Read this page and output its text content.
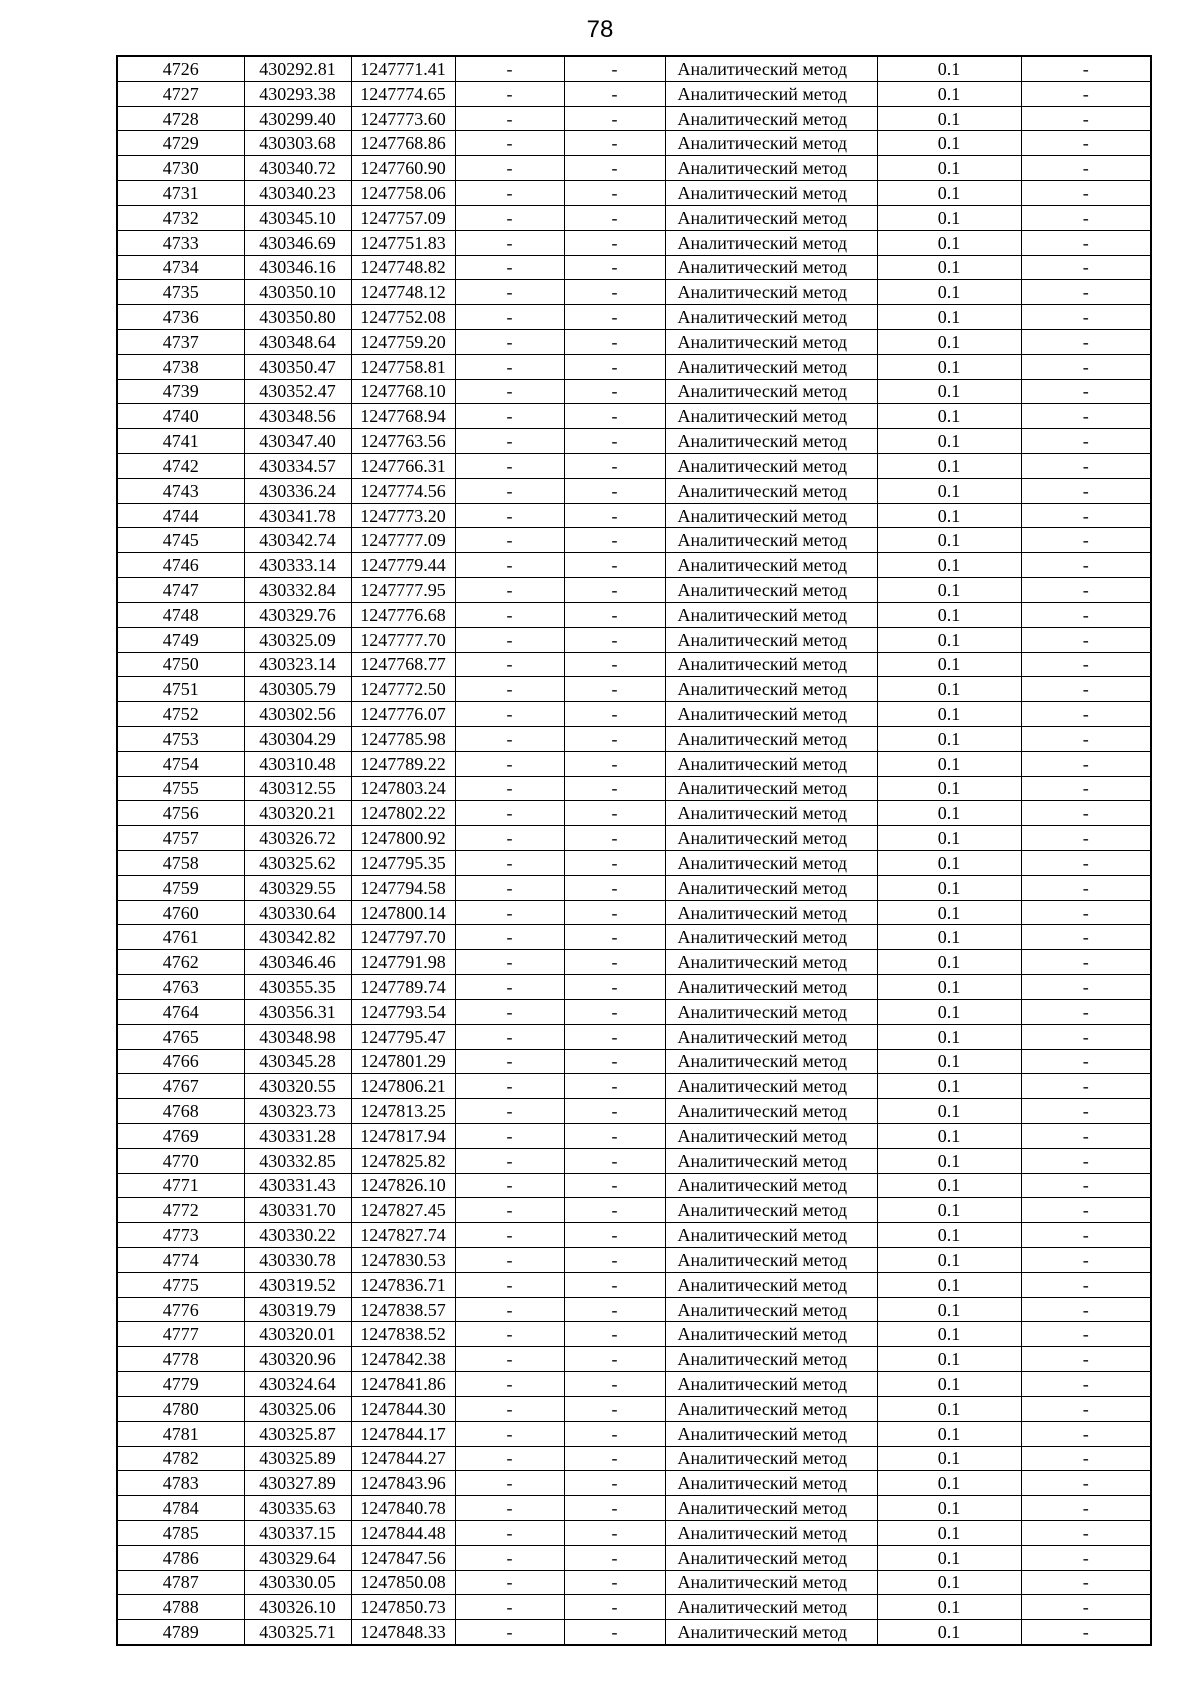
78
4726	430292.81	1247771.41	-	-	Аналитический метод	0.1	-
4727	430293.38	1247774.65	-	-	Аналитический метод	0.1	-
4728	430299.40	1247773.60	-	-	Аналитический метод	0.1	-
4729	430303.68	1247768.86	-	-	Аналитический метод	0.1	-
4730	430340.72	1247760.90	-	-	Аналитический метод	0.1	-
4731	430340.23	1247758.06	-	-	Аналитический метод	0.1	-
4732	430345.10	1247757.09	-	-	Аналитический метод	0.1	-
4733	430346.69	1247751.83	-	-	Аналитический метод	0.1	-
4734	430346.16	1247748.82	-	-	Аналитический метод	0.1	-
4735	430350.10	1247748.12	-	-	Аналитический метод	0.1	-
4736	430350.80	1247752.08	-	-	Аналитический метод	0.1	-
4737	430348.64	1247759.20	-	-	Аналитический метод	0.1	-
4738	430350.47	1247758.81	-	-	Аналитический метод	0.1	-
4739	430352.47	1247768.10	-	-	Аналитический метод	0.1	-
4740	430348.56	1247768.94	-	-	Аналитический метод	0.1	-
4741	430347.40	1247763.56	-	-	Аналитический метод	0.1	-
4742	430334.57	1247766.31	-	-	Аналитический метод	0.1	-
4743	430336.24	1247774.56	-	-	Аналитический метод	0.1	-
4744	430341.78	1247773.20	-	-	Аналитический метод	0.1	-
4745	430342.74	1247777.09	-	-	Аналитический метод	0.1	-
4746	430333.14	1247779.44	-	-	Аналитический метод	0.1	-
4747	430332.84	1247777.95	-	-	Аналитический метод	0.1	-
4748	430329.76	1247776.68	-	-	Аналитический метод	0.1	-
4749	430325.09	1247777.70	-	-	Аналитический метод	0.1	-
4750	430323.14	1247768.77	-	-	Аналитический метод	0.1	-
4751	430305.79	1247772.50	-	-	Аналитический метод	0.1	-
4752	430302.56	1247776.07	-	-	Аналитический метод	0.1	-
4753	430304.29	1247785.98	-	-	Аналитический метод	0.1	-
4754	430310.48	1247789.22	-	-	Аналитический метод	0.1	-
4755	430312.55	1247803.24	-	-	Аналитический метод	0.1	-
4756	430320.21	1247802.22	-	-	Аналитический метод	0.1	-
4757	430326.72	1247800.92	-	-	Аналитический метод	0.1	-
4758	430325.62	1247795.35	-	-	Аналитический метод	0.1	-
4759	430329.55	1247794.58	-	-	Аналитический метод	0.1	-
4760	430330.64	1247800.14	-	-	Аналитический метод	0.1	-
4761	430342.82	1247797.70	-	-	Аналитический метод	0.1	-
4762	430346.46	1247791.98	-	-	Аналитический метод	0.1	-
4763	430355.35	1247789.74	-	-	Аналитический метод	0.1	-
4764	430356.31	1247793.54	-	-	Аналитический метод	0.1	-
4765	430348.98	1247795.47	-	-	Аналитический метод	0.1	-
4766	430345.28	1247801.29	-	-	Аналитический метод	0.1	-
4767	430320.55	1247806.21	-	-	Аналитический метод	0.1	-
4768	430323.73	1247813.25	-	-	Аналитический метод	0.1	-
4769	430331.28	1247817.94	-	-	Аналитический метод	0.1	-
4770	430332.85	1247825.82	-	-	Аналитический метод	0.1	-
4771	430331.43	1247826.10	-	-	Аналитический метод	0.1	-
4772	430331.70	1247827.45	-	-	Аналитический метод	0.1	-
4773	430330.22	1247827.74	-	-	Аналитический метод	0.1	-
4774	430330.78	1247830.53	-	-	Аналитический метод	0.1	-
4775	430319.52	1247836.71	-	-	Аналитический метод	0.1	-
4776	430319.79	1247838.57	-	-	Аналитический метод	0.1	-
4777	430320.01	1247838.52	-	-	Аналитический метод	0.1	-
4778	430320.96	1247842.38	-	-	Аналитический метод	0.1	-
4779	430324.64	1247841.86	-	-	Аналитический метод	0.1	-
4780	430325.06	1247844.30	-	-	Аналитический метод	0.1	-
4781	430325.87	1247844.17	-	-	Аналитический метод	0.1	-
4782	430325.89	1247844.27	-	-	Аналитический метод	0.1	-
4783	430327.89	1247843.96	-	-	Аналитический метод	0.1	-
4784	430335.63	1247840.78	-	-	Аналитический метод	0.1	-
4785	430337.15	1247844.48	-	-	Аналитический метод	0.1	-
4786	430329.64	1247847.56	-	-	Аналитический метод	0.1	-
4787	430330.05	1247850.08	-	-	Аналитический метод	0.1	-
4788	430326.10	1247850.73	-	-	Аналитический метод	0.1	-
4789	430325.71	1247848.33	-	-	Аналитический метод	0.1	-
